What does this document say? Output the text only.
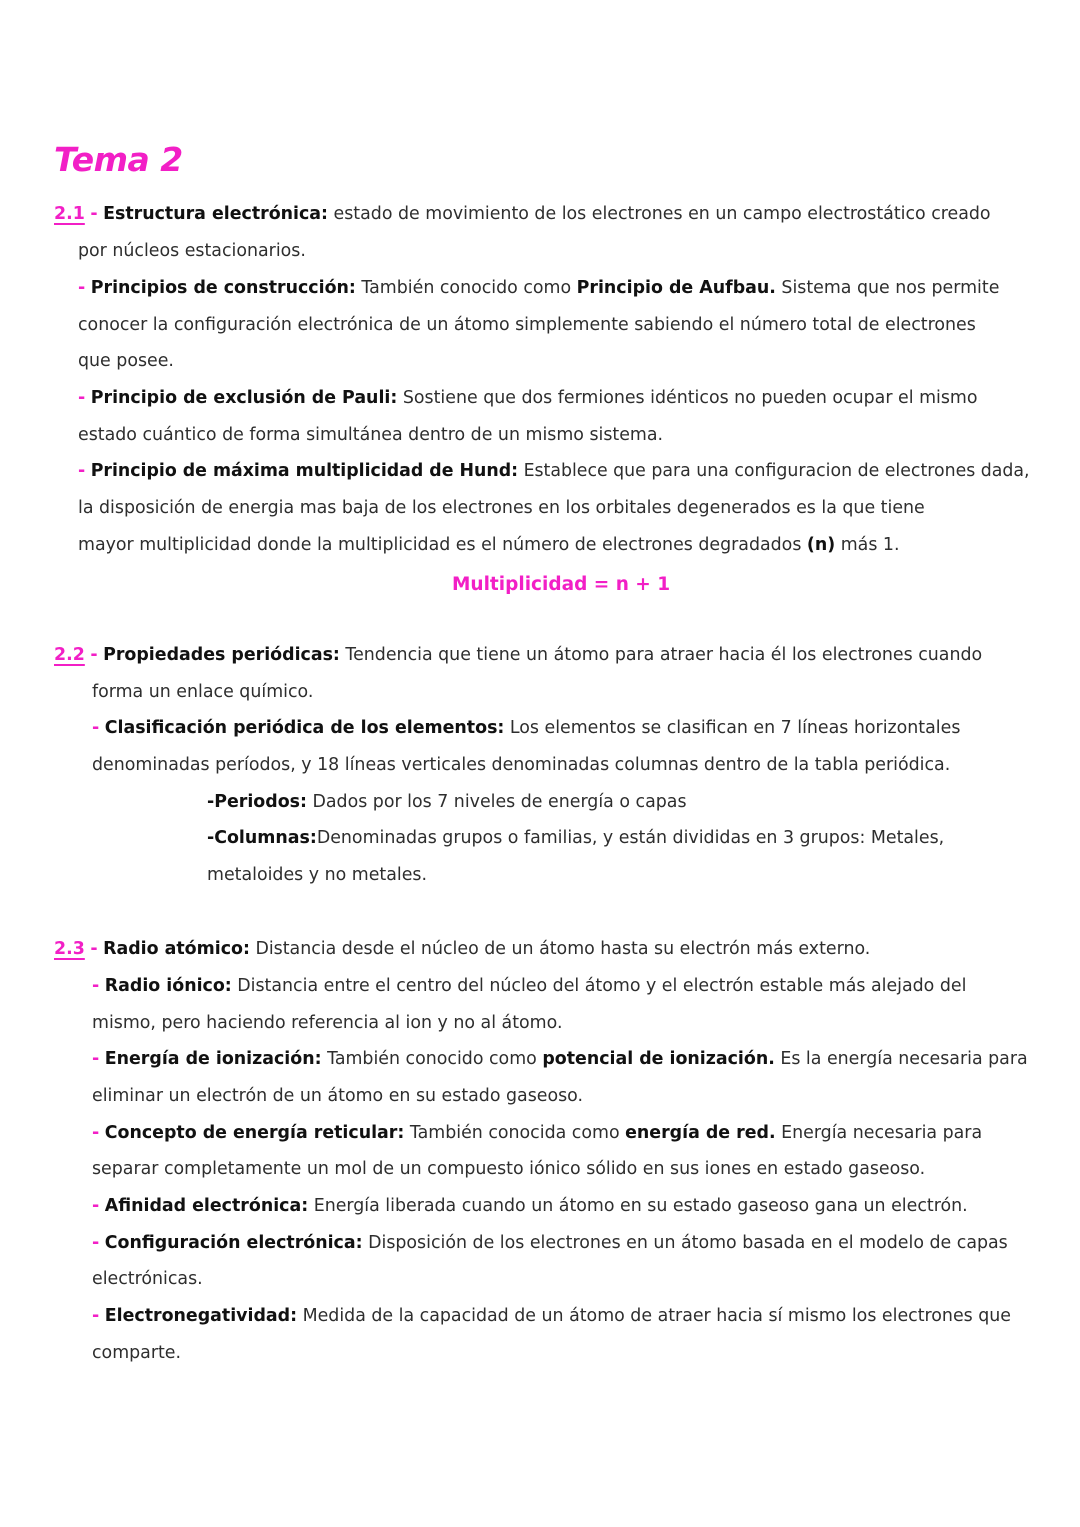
Tema 2
2.1 - Estructura electrónica: estado de movimiento de los electrones en un campo electrostático creado
por núcleos estacionarios.
- Principios de construcción: También conocido como Principio de Aufbau. Sistema que nos permite
conocer la configuración electrónica de un átomo simplemente sabiendo el número total de electrones
que posee.
- Principio de exclusión de Pauli: Sostiene que dos fermiones idénticos no pueden ocupar el mismo
estado cuántico de forma simultánea dentro de un mismo sistema.
- Principio de máxima multiplicidad de Hund: Establece que para una configuracion de electrones dada,
la disposición de energia mas baja de los electrones en los orbitales degenerados es la que tiene
mayor multiplicidad donde la multiplicidad es el número de electrones degradados (n) más 1.
Multiplicidad = n + 1
2.2 - Propiedades periódicas: Tendencia que tiene un átomo para atraer hacia él los electrones cuando
forma un enlace químico.
- Clasificación periódica de los elementos: Los elementos se clasifican en 7 líneas horizontales
denominadas períodos, y 18 líneas verticales denominadas columnas dentro de la tabla periódica.
-Periodos: Dados por los 7 niveles de energía o capas
-Columnas:Denominadas grupos o familias, y están divididas en 3 grupos: Metales,
metaloides y no metales.
2.3 - Radio atómico: Distancia desde el núcleo de un átomo hasta su electrón más externo.
- Radio iónico: Distancia entre el centro del núcleo del átomo y el electrón estable más alejado del
mismo, pero haciendo referencia al ion y no al átomo.
- Energía de ionización: También conocido como potencial de ionización. Es la energía necesaria para
eliminar un electrón de un átomo en su estado gaseoso.
- Concepto de energía reticular: También conocida como energía de red. Energía necesaria para
separar completamente un mol de un compuesto iónico sólido en sus iones en estado gaseoso.
- Afinidad electrónica: Energía liberada cuando un átomo en su estado gaseoso gana un electrón.
- Configuración electrónica: Disposición de los electrones en un átomo basada en el modelo de capas
electrónicas.
- Electronegatividad: Medida de la capacidad de un átomo de atraer hacia sí mismo los electrones que
comparte.
